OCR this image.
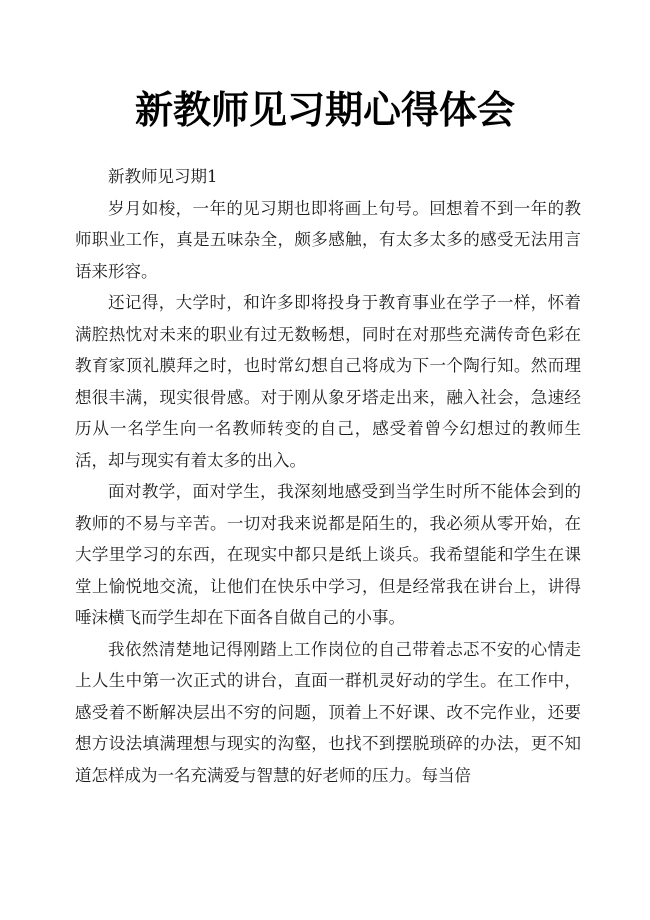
新教师见习期心得体会

新教师见习期1

岁月如梭，一年的见习期也即将画上句号。回想着不到一年的教师职业工作，真是五味杂全，颇多感触，有太多太多的感受无法用言语来形容。

还记得，大学时，和许多即将投身于教育事业在学子一样，怀着满腔热忱对未来的职业有过无数畅想，同时在对那些充满传奇色彩在教育家顶礼膜拜之时，也时常幻想自己将成为下一个陶行知。然而理想很丰满，现实很骨感。对于刚从象牙塔走出来，融入社会，急速经历从一名学生向一名教师转变的自己，感受着曾今幻想过的教师生活，却与现实有着太多的出入。

面对教学，面对学生，我深刻地感受到当学生时所不能体会到的教师的不易与辛苦。一切对我来说都是陌生的，我必须从零开始，在大学里学习的东西，在现实中都只是纸上谈兵。我希望能和学生在课堂上愉悦地交流，让他们在快乐中学习，但是经常我在讲台上，讲得唾沫横飞而学生却在下面各自做自己的小事。

我依然清楚地记得刚踏上工作岗位的自己带着忐忑不安的心情走上人生中第一次正式的讲台，直面一群机灵好动的学生。在工作中，感受着不断解决层出不穷的问题，顶着上不好课、改不完作业，还要想方设法填满理想与现实的沟壑，也找不到摆脱琐碎的办法，更不知道怎样成为一名充满爱与智慧的好老师的压力。每当倍
